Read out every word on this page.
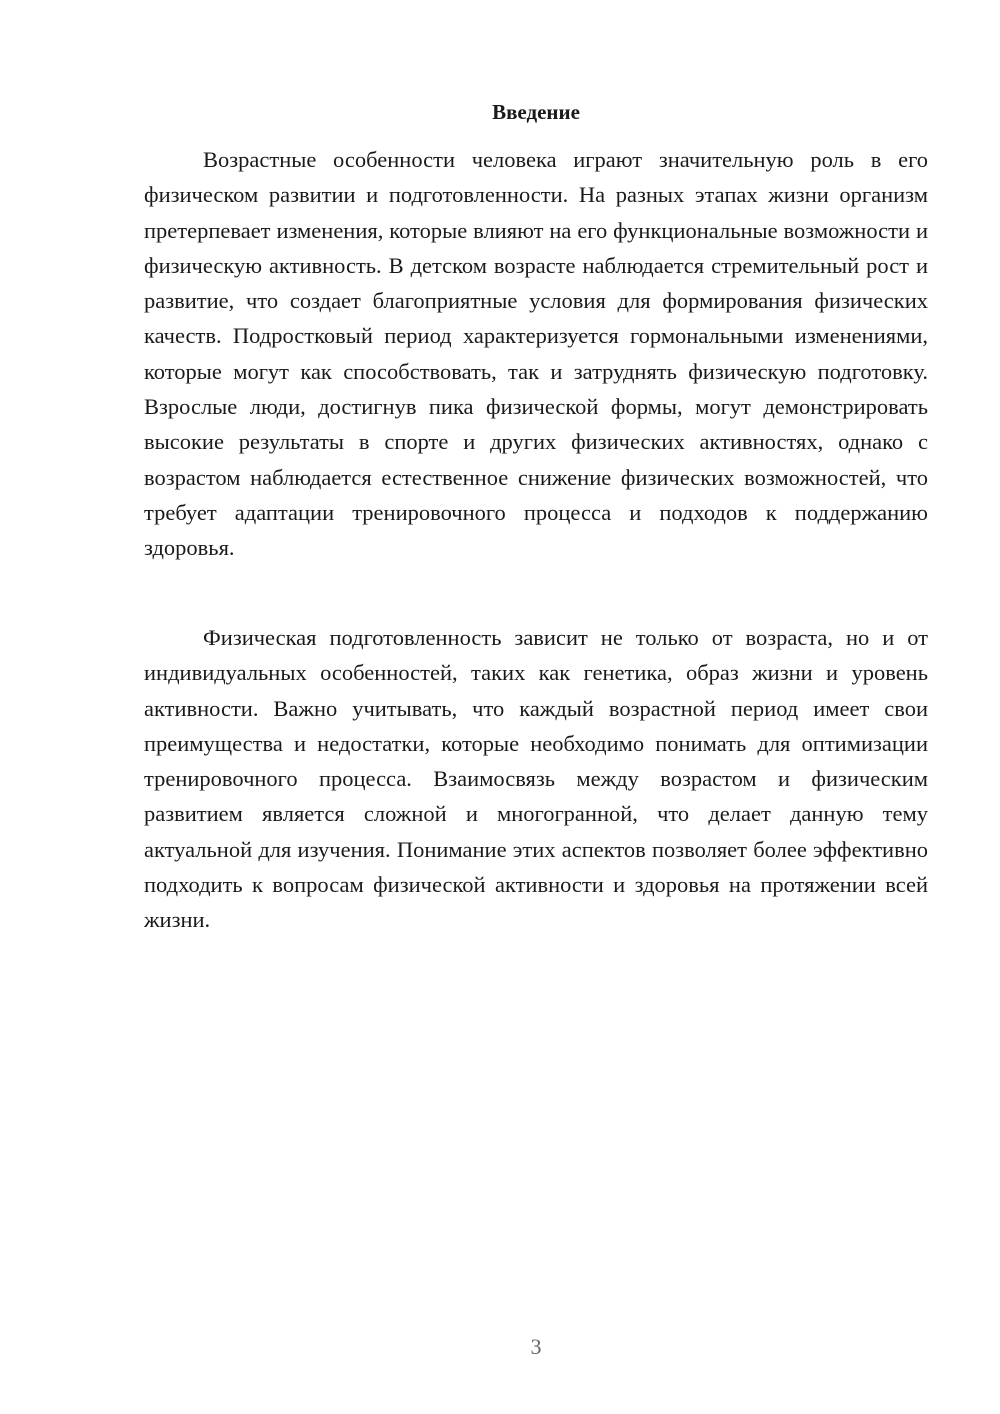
Введение

Возрастные особенности человека играют значительную роль в его физическом развитии и подготовленности. На разных этапах жизни организм претерпевает изменения, которые влияют на его функциональные возможности и физическую активность. В детском возрасте наблюдается стремительный рост и развитие, что создает благоприятные условия для формирования физических качеств. Подростковый период характеризуется гормональными изменениями, которые могут как способствовать, так и затруднять физическую подготовку. Взрослые люди, достигнув пика физической формы, могут демонстрировать высокие результаты в спорте и других физических активностях, однако с возрастом наблюдается естественное снижение физических возможностей, что требует адаптации тренировочного процесса и подходов к поддержанию здоровья.

Физическая подготовленность зависит не только от возраста, но и от индивидуальных особенностей, таких как генетика, образ жизни и уровень активности. Важно учитывать, что каждый возрастной период имеет свои преимущества и недостатки, которые необходимо понимать для оптимизации тренировочного процесса. Взаимосвязь между возрастом и физическим развитием является сложной и многогранной, что делает данную тему актуальной для изучения. Понимание этих аспектов позволяет более эффективно подходить к вопросам физической активности и здоровья на протяжении всей жизни.

3
